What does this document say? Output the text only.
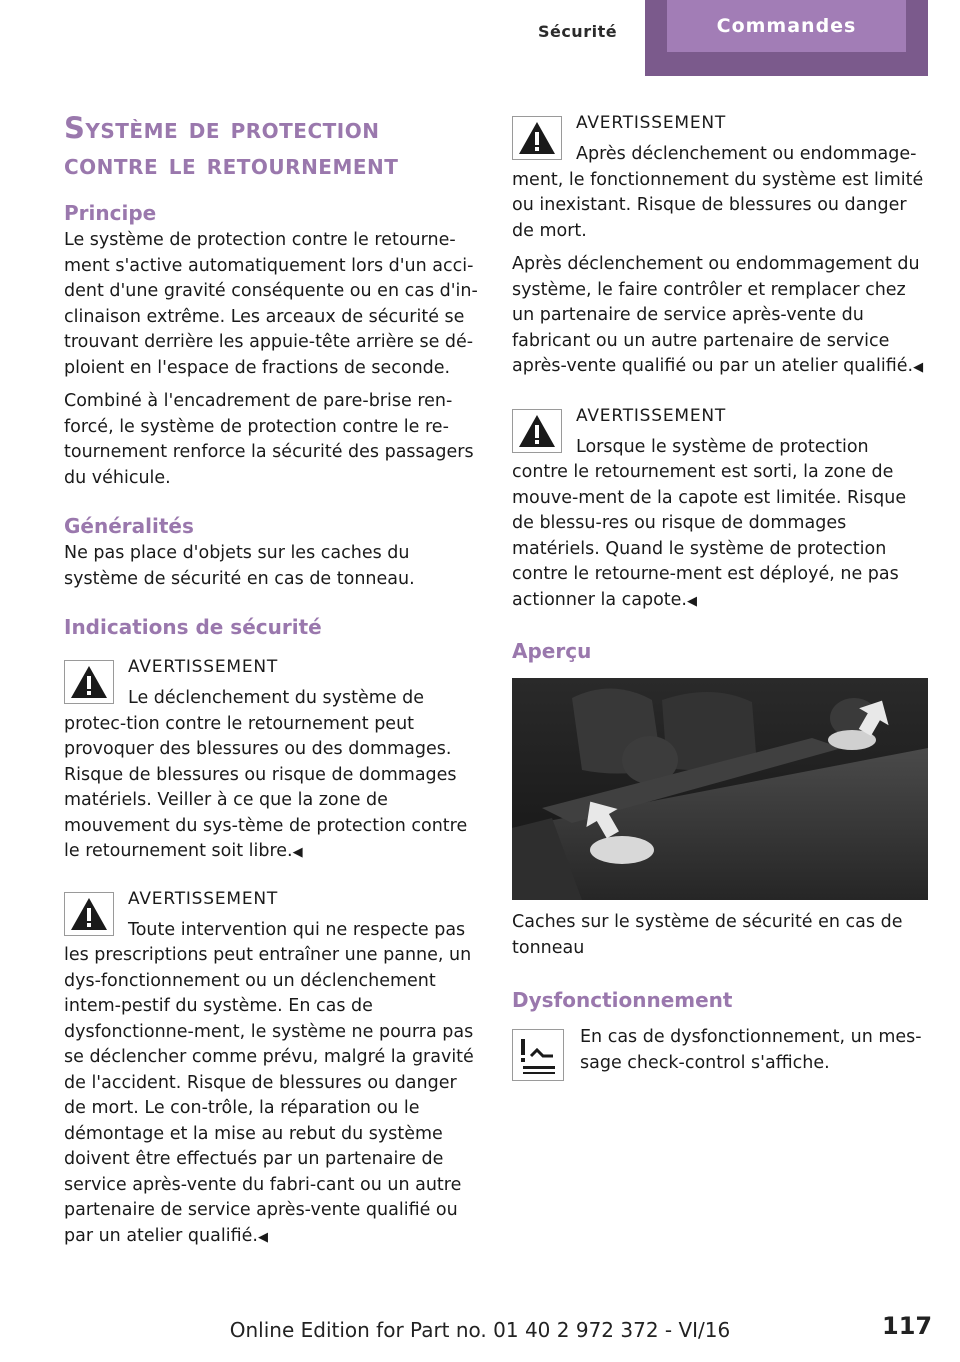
Sécurité	Commandes
Système de protection
contre le retournement
Principe

Le système de protection contre le retourne-ment s'active automatiquement lors d'un acci-dent d'une gravité conséquente ou en cas d'in-clinaison extrême. Les arceaux de sécurité se trouvant derrière les appuie-tête arrière se dé-ploient en l'espace de fractions de seconde.

Combiné à l'encadrement de pare-brise ren-forcé, le système de protection contre le re-tournement renforce la sécurité des passagers du véhicule.

Généralités

Ne pas place d'objets sur les caches du système de sécurité en cas de tonneau.

Indications de sécurité
AVERTISSEMENT
Le déclenchement du système de protec-tion contre le retournement peut provoquer des blessures ou des dommages. Risque de blessures ou risque de dommages matériels. Veiller à ce que la zone de mouvement du sys-tème de protection contre le retournement soit libre.◀
AVERTISSEMENT
Toute intervention qui ne respecte pas les prescriptions peut entraîner une panne, un dys-fonctionnement ou un déclenchement intem-pestif du système. En cas de dysfonctionne-ment, le système ne pourra pas se déclencher comme prévu, malgré la gravité de l'accident. Risque de blessures ou danger de mort. Le con-trôle, la réparation ou le démontage et la mise au rebut du système doivent être effectués par un partenaire de service après-vente du fabri-cant ou un autre partenaire de service après-vente qualifié ou par un atelier qualifié.◀
AVERTISSEMENT
Après déclenchement ou endommage-ment, le fonctionnement du système est limité ou inexistant. Risque de blessures ou danger de mort.
Après déclenchement ou endommagement du système, le faire contrôler et remplacer chez un partenaire de service après-vente du fabricant ou un autre partenaire de service après-vente qualifié ou par un atelier qualifié.◀
AVERTISSEMENT
Lorsque le système de protection contre le retournement est sorti, la zone de mouve-ment de la capote est limitée. Risque de blessu-res ou risque de dommages matériels. Quand le système de protection contre le retourne-ment est déployé, ne pas actionner la capote.◀
Aperçu
Caches sur le système de sécurité en cas de tonneau
Dysfonctionnement
En cas de dysfonctionnement, un mes-sage check-control s'affiche.
Online Edition for Part no. 01 40 2 972 372 - VI/16	117
